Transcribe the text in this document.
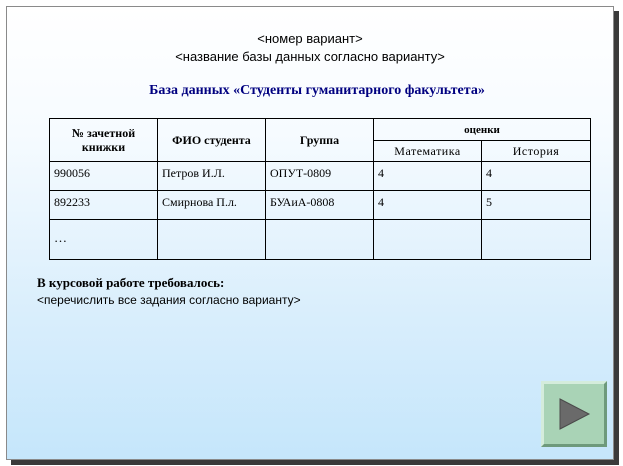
<номер вариант>
<название базы данных согласно варианту>
База данных «Студенты гуманитарного факультета»
№ зачетной книжки	ФИО студента	Группа	оценки	
			Математика	История
990056	Петров И.Л.	ОПУТ-0809	4	4
892233	Смирнова П.л.	БУАиА-0808	4	5
…				
В курсовой работе требовалось:
<перечислить все задания согласно варианту>
